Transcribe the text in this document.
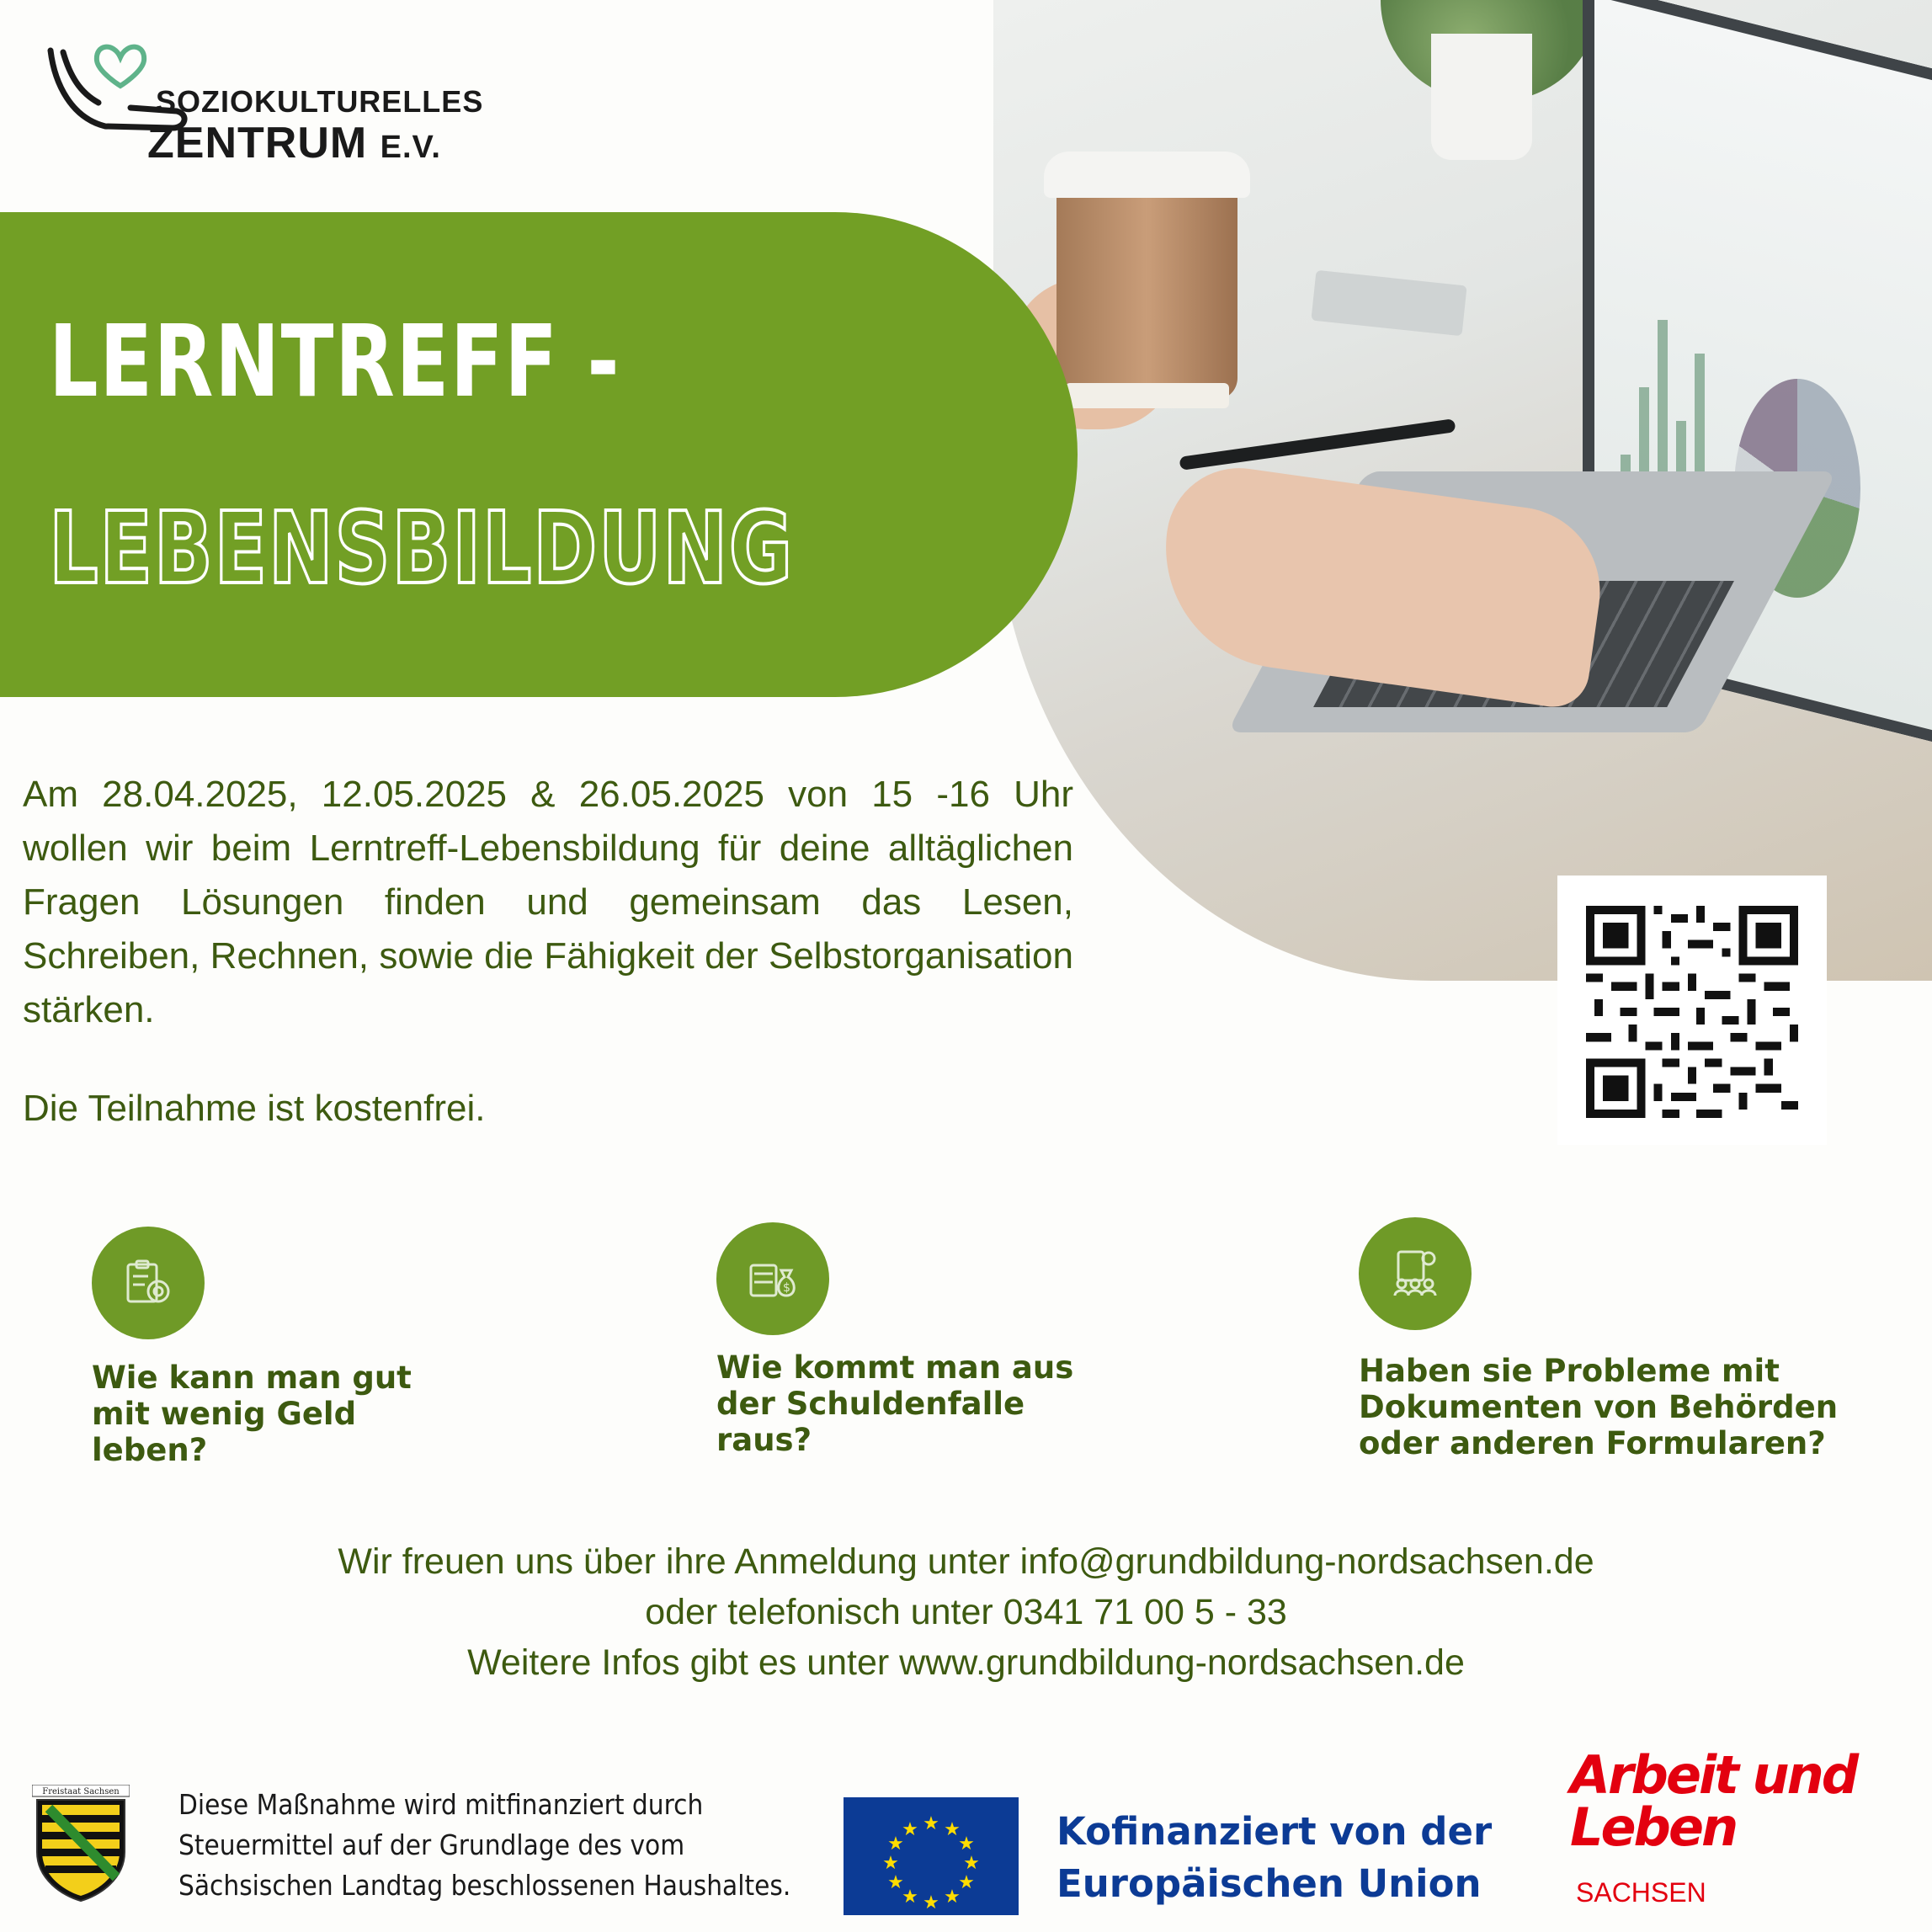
SOZIOKULTURELLES
ZENTRUM E.V.
LERNTREFF -
LEBENSBILDUNG

Am 28.04.2025, 12.05.2025 & 26.05.2025 von 15 -16 Uhr wollen wir beim Lerntreff-Lebensbildung für deine alltäglichen Fragen Lösungen finden und gemeinsam das Lesen, Schreiben, Rechnen, sowie die Fähigkeit der Selbstorganisation stärken.

Die Teilnahme ist kostenfrei.

Wie kann man gut mit wenig Geld leben?
$
Wie kommt man aus der Schuldenfalle raus?
Haben sie Probleme mit Dokumenten von Behörden oder anderen Formularen?
Wir freuen uns über ihre Anmeldung unter info@grundbildung-nordsachsen.de
oder telefonisch unter 0341 71 00 5 - 33
Weitere Infos gibt es unter www.grundbildung-nordsachsen.de
Freistaat Sachsen Diese Maßnahme wird mitfinanziert durch
Steuermittel auf der Grundlage des vom
Sächsischen Landtag beschlossenen Haushaltes.
★ ★
★
★
★
★
★
★
★
★
★
★	Kofinanziert von der
Europäischen Union
Arbeit und
Leben
SACHSEN
